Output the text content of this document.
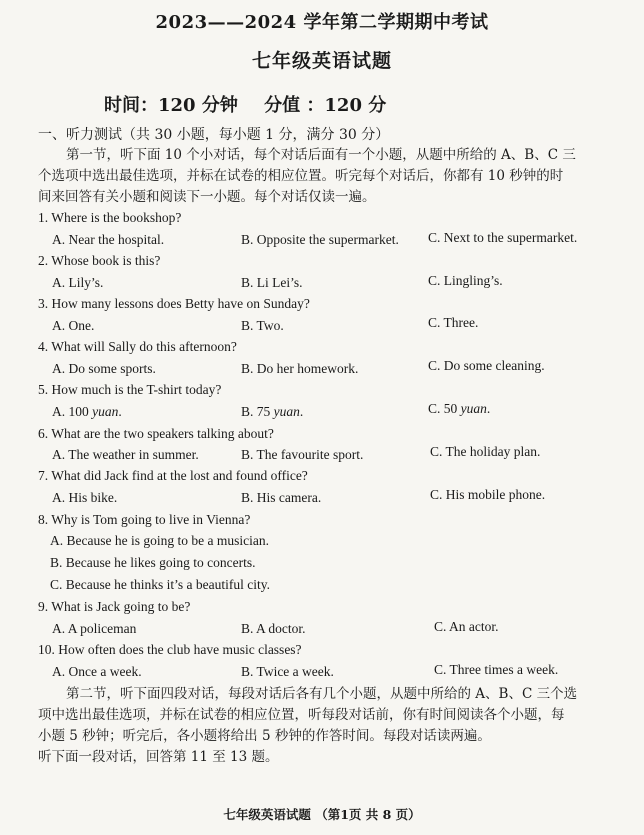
2023——2024 学年第二学期期中考试
七年级英语试题
时间：120 分钟 分值 ：120 分
一、听力测试（共 30 小题，每小题 1 分，满分 30 分）
第一节，听下面 10 个小对话，每个对话后面有一个小题，从题中所给的 A、B、C 三
个选项中选出最佳选项，并标在试卷的相应位置。听完每个对话后，你都有 10 秒钟的时
间来回答有关小题和阅读下一小题。每个对话仅读一遍。
1. Where is the bookshop?
A. Near the hospital.	B. Opposite the supermarket. C. Next to the supermarket.
2. Whose book is this?
A. Lily’s.	B. Li Lei’s.	C. Lingling’s.
3. How many lessons does Betty have on Sunday?
A. One.	B. Two.	C. Three.
4. What will Sally do this afternoon?
A. Do some sports.	B. Do her homework.	C. Do some cleaning.
5. How much is the T-shirt today?
A. 100 yuan.	B. 75 yuan.	C. 50 yuan.
6. What are the two speakers talking about?
A. The weather in summer.	B. The favourite sport.	C. The holiday plan.
7. What did Jack find at the lost and found office?
A. His bike.	B. His camera.	C. His mobile phone.
8. Why is Tom going to live in Vienna?
A. Because he is going to be a musician.
B. Because he likes going to concerts.
C. Because he thinks it’s a beautiful city.
9. What is Jack going to be?
A. A policeman	B. A doctor.	C. An actor.
10. How often does the club have music classes?
A. Once a week.	B. Twice a week.	C. Three times a week.
第二节，听下面四段对话，每段对话后各有几个小题，从题中所给的 A、B、C 三个选
项中选出最佳选项，并标在试卷的相应位置，听每段对话前，你有时间阅读各个小题，每
小题 5 秒钟；听完后，各小题将给出 5 秒钟的作答时间。每段对话读两遍。
听下面一段对话，回答第 11 至 13 题。
七年级英语试题 （第1页 共 8 页）
